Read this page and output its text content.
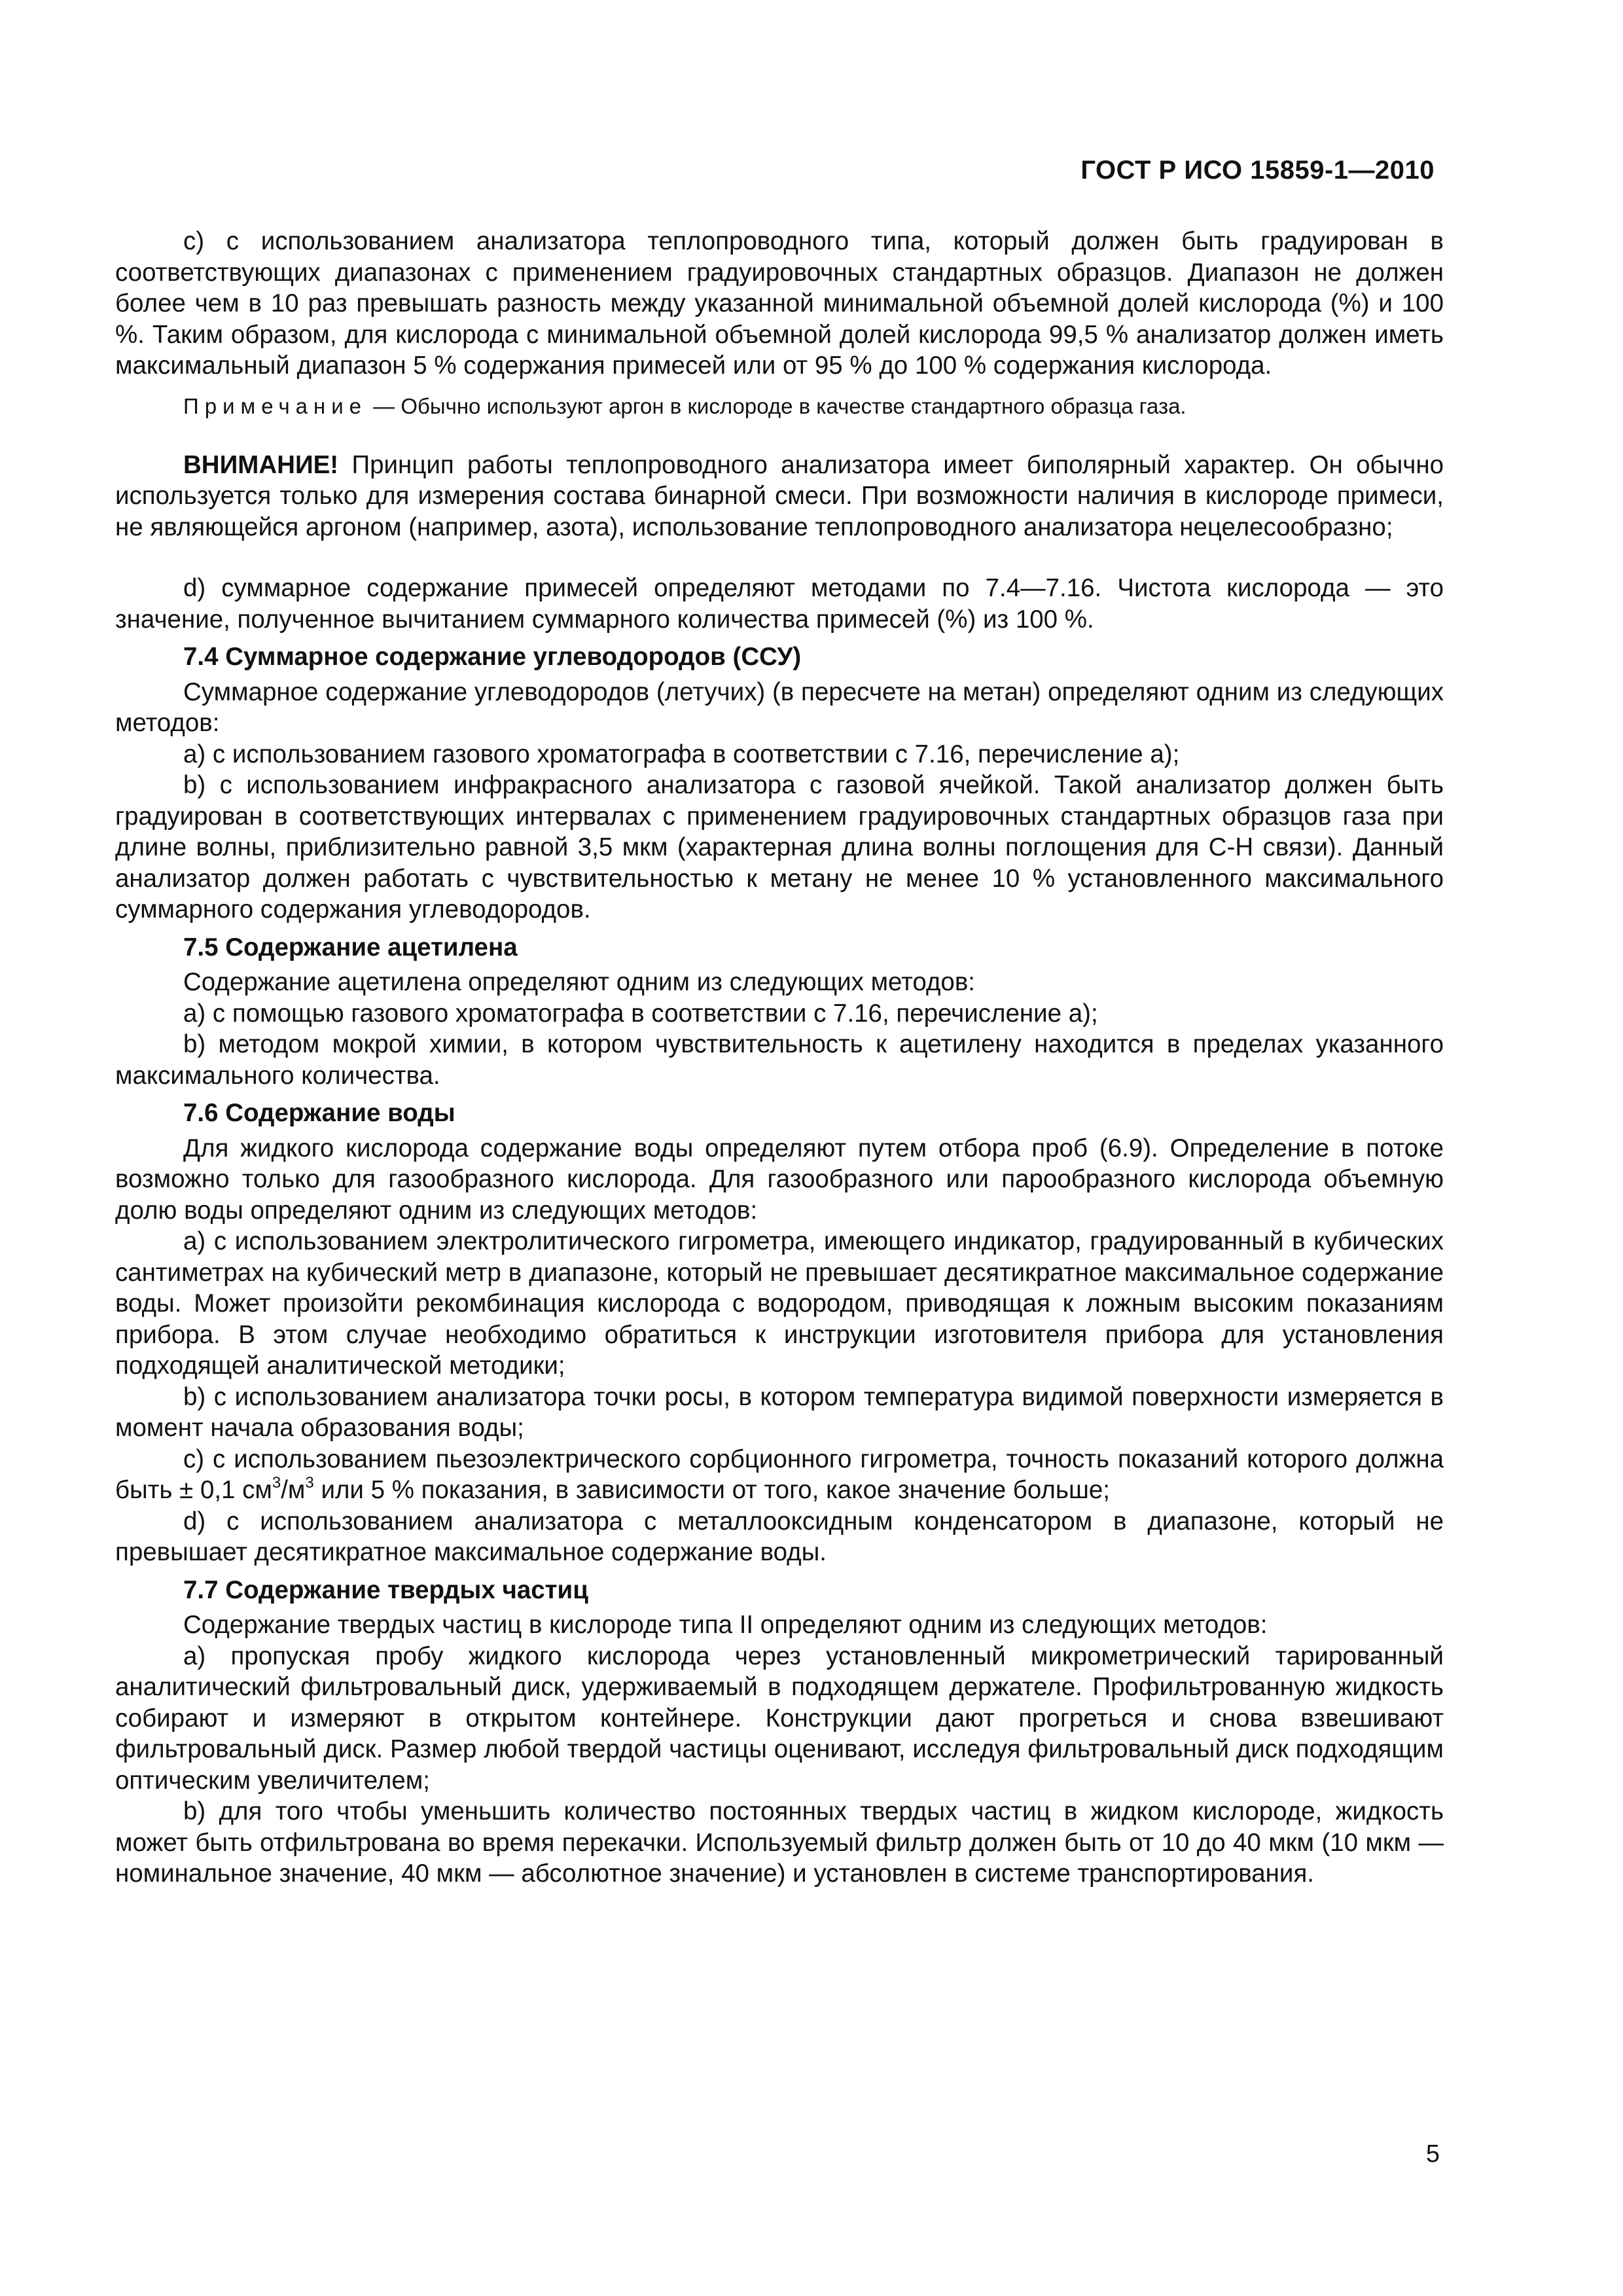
ГОСТ Р ИСО 15859-1—2010

c) с использованием анализатора теплопроводного типа, который должен быть градуирован в соответствующих диапазонах с применением градуировочных стандартных образцов. Диапазон не должен более чем в 10 раз превышать разность между указанной минимальной объемной долей кислорода (%) и 100 %. Таким образом, для кислорода с минимальной объемной долей кислорода 99,5 % анализатор должен иметь максимальный диапазон 5 % содержания примесей или от 95 % до 100 % содержания кислорода.

Примечание — Обычно используют аргон в кислороде в качестве стандартного образца газа.

ВНИМАНИЕ! Принцип работы теплопроводного анализатора имеет биполярный характер. Он обычно используется только для измерения состава бинарной смеси. При возможности наличия в кислороде примеси, не являющейся аргоном (например, азота), использование теплопроводного анализатора нецелесообразно;

d) суммарное содержание примесей определяют методами по 7.4—7.16. Чистота кислорода — это значение, полученное вычитанием суммарного количества примесей (%) из 100 %.

7.4 Суммарное содержание углеводородов (ССУ)

Суммарное содержание углеводородов (летучих) (в пересчете на метан) определяют одним из следующих методов:

a) с использованием газового хроматографа в соответствии с 7.16, перечисление а);

b) с использованием инфракрасного анализатора с газовой ячейкой. Такой анализатор должен быть градуирован в соответствующих интервалах с применением градуировочных стандартных образцов газа при длине волны, приблизительно равной 3,5 мкм (характерная длина волны поглощения для C-H связи). Данный анализатор должен работать с чувствительностью к метану не менее 10 % установленного максимального суммарного содержания углеводородов.

7.5 Содержание ацетилена

Содержание ацетилена определяют одним из следующих методов:

a) с помощью газового хроматографа в соответствии с 7.16, перечисление а);

b) методом мокрой химии, в котором чувствительность к ацетилену находится в пределах указанного максимального количества.

7.6 Содержание воды

Для жидкого кислорода содержание воды определяют путем отбора проб (6.9). Определение в потоке возможно только для газообразного кислорода. Для газообразного или парообразного кислорода объемную долю воды определяют одним из следующих методов:

a) с использованием электролитического гигрометра, имеющего индикатор, градуированный в кубических сантиметрах на кубический метр в диапазоне, который не превышает десятикратное максимальное содержание воды. Может произойти рекомбинация кислорода с водородом, приводящая к ложным высоким показаниям прибора. В этом случае необходимо обратиться к инструкции изготовителя прибора для установления подходящей аналитической методики;

b) с использованием анализатора точки росы, в котором температура видимой поверхности измеряется в момент начала образования воды;

c) с использованием пьезоэлектрического сорбционного гигрометра, точность показаний которого должна быть ± 0,1 $см^3/м^3$ или 5 % показания, в зависимости от того, какое значение больше;

d) с использованием анализатора с металлооксидным конденсатором в диапазоне, который не превышает десятикратное максимальное содержание воды.

7.7 Содержание твердых частиц

Содержание твердых частиц в кислороде типа II определяют одним из следующих методов:

a) пропуская пробу жидкого кислорода через установленный микрометрический тарированный аналитический фильтровальный диск, удерживаемый в подходящем держателе. Профильтрованную жидкость собирают и измеряют в открытом контейнере. Конструкции дают прогреться и снова взвешивают фильтровальный диск. Размер любой твердой частицы оценивают, исследуя фильтровальный диск подходящим оптическим увеличителем;

b) для того чтобы уменьшить количество постоянных твердых частиц в жидком кислороде, жидкость может быть отфильтрована во время перекачки. Используемый фильтр должен быть от 10 до 40 мкм (10 мкм — номинальное значение, 40 мкм — абсолютное значение) и установлен в системе транспортирования.

5
